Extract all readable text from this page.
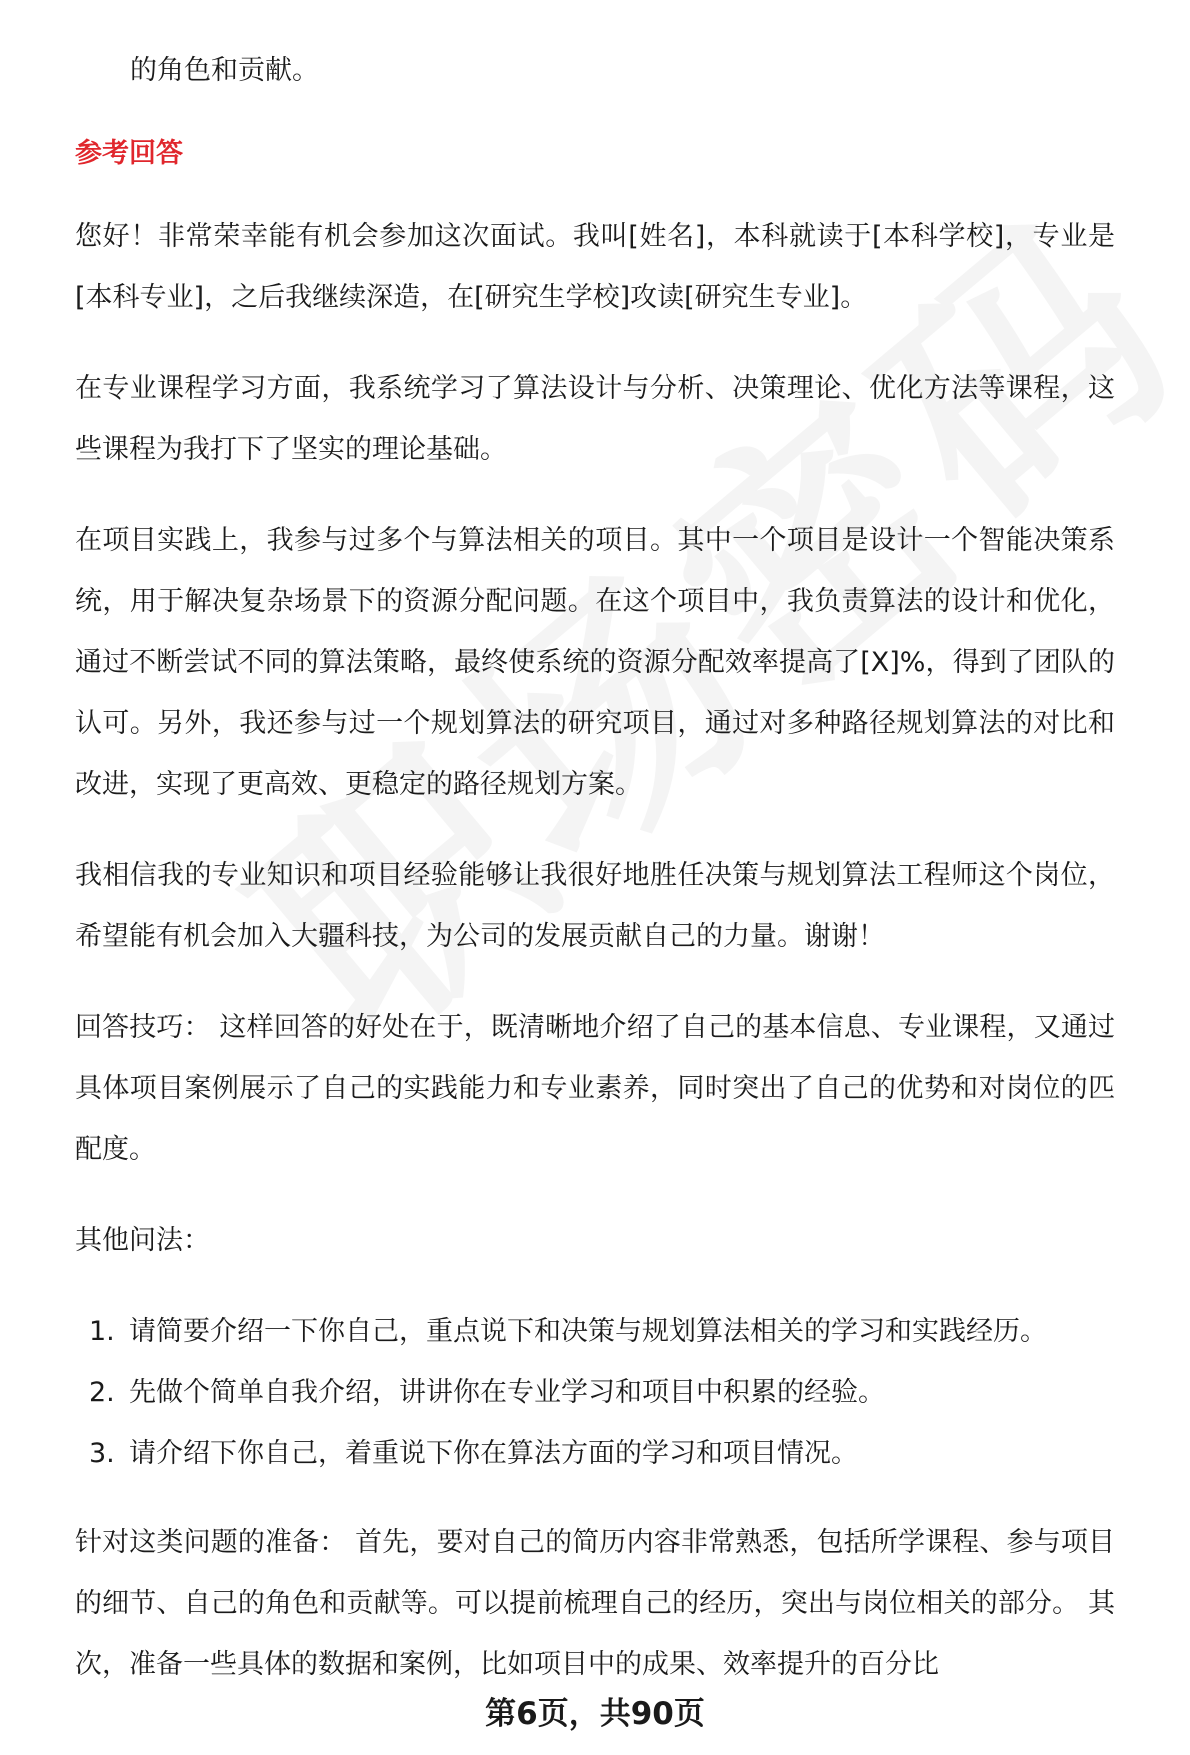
的角色和贡献。

参考回答

您好！非常荣幸能有机会参加这次面试。我叫[姓名]，本科就读于[本科学校]，专业是[本科专业]，之后我继续深造，在[研究生学校]攻读[研究生专业]。

在专业课程学习方面，我系统学习了算法设计与分析、决策理论、优化方法等课程，这些课程为我打下了坚实的理论基础。

在项目实践上，我参与过多个与算法相关的项目。其中一个项目是设计一个智能决策系统，用于解决复杂场景下的资源分配问题。在这个项目中，我负责算法的设计和优化，通过不断尝试不同的算法策略，最终使系统的资源分配效率提高了[X]%，得到了团队的认可。另外，我还参与过一个规划算法的研究项目，通过对多种路径规划算法的对比和改进，实现了更高效、更稳定的路径规划方案。

我相信我的专业知识和项目经验能够让我很好地胜任决策与规划算法工程师这个岗位，希望能有机会加入大疆科技，为公司的发展贡献自己的力量。谢谢！

回答技巧： 这样回答的好处在于，既清晰地介绍了自己的基本信息、专业课程，又通过具体项目案例展示了自己的实践能力和专业素养，同时突出了自己的优势和对岗位的匹配度。

其他问法：

1. 请简要介绍一下你自己，重点说下和决策与规划算法相关的学习和实践经历。
2. 先做个简单自我介绍，讲讲你在专业学习和项目中积累的经验。
3. 请介绍下你自己，着重说下你在算法方面的学习和项目情况。

针对这类问题的准备： 首先，要对自己的简历内容非常熟悉，包括所学课程、参与项目的细节、自己的角色和贡献等。可以提前梳理自己的经历，突出与岗位相关的部分。 其次，准备一些具体的数据和案例，比如项目中的成果、效率提升的百分比

第6页，共90页
